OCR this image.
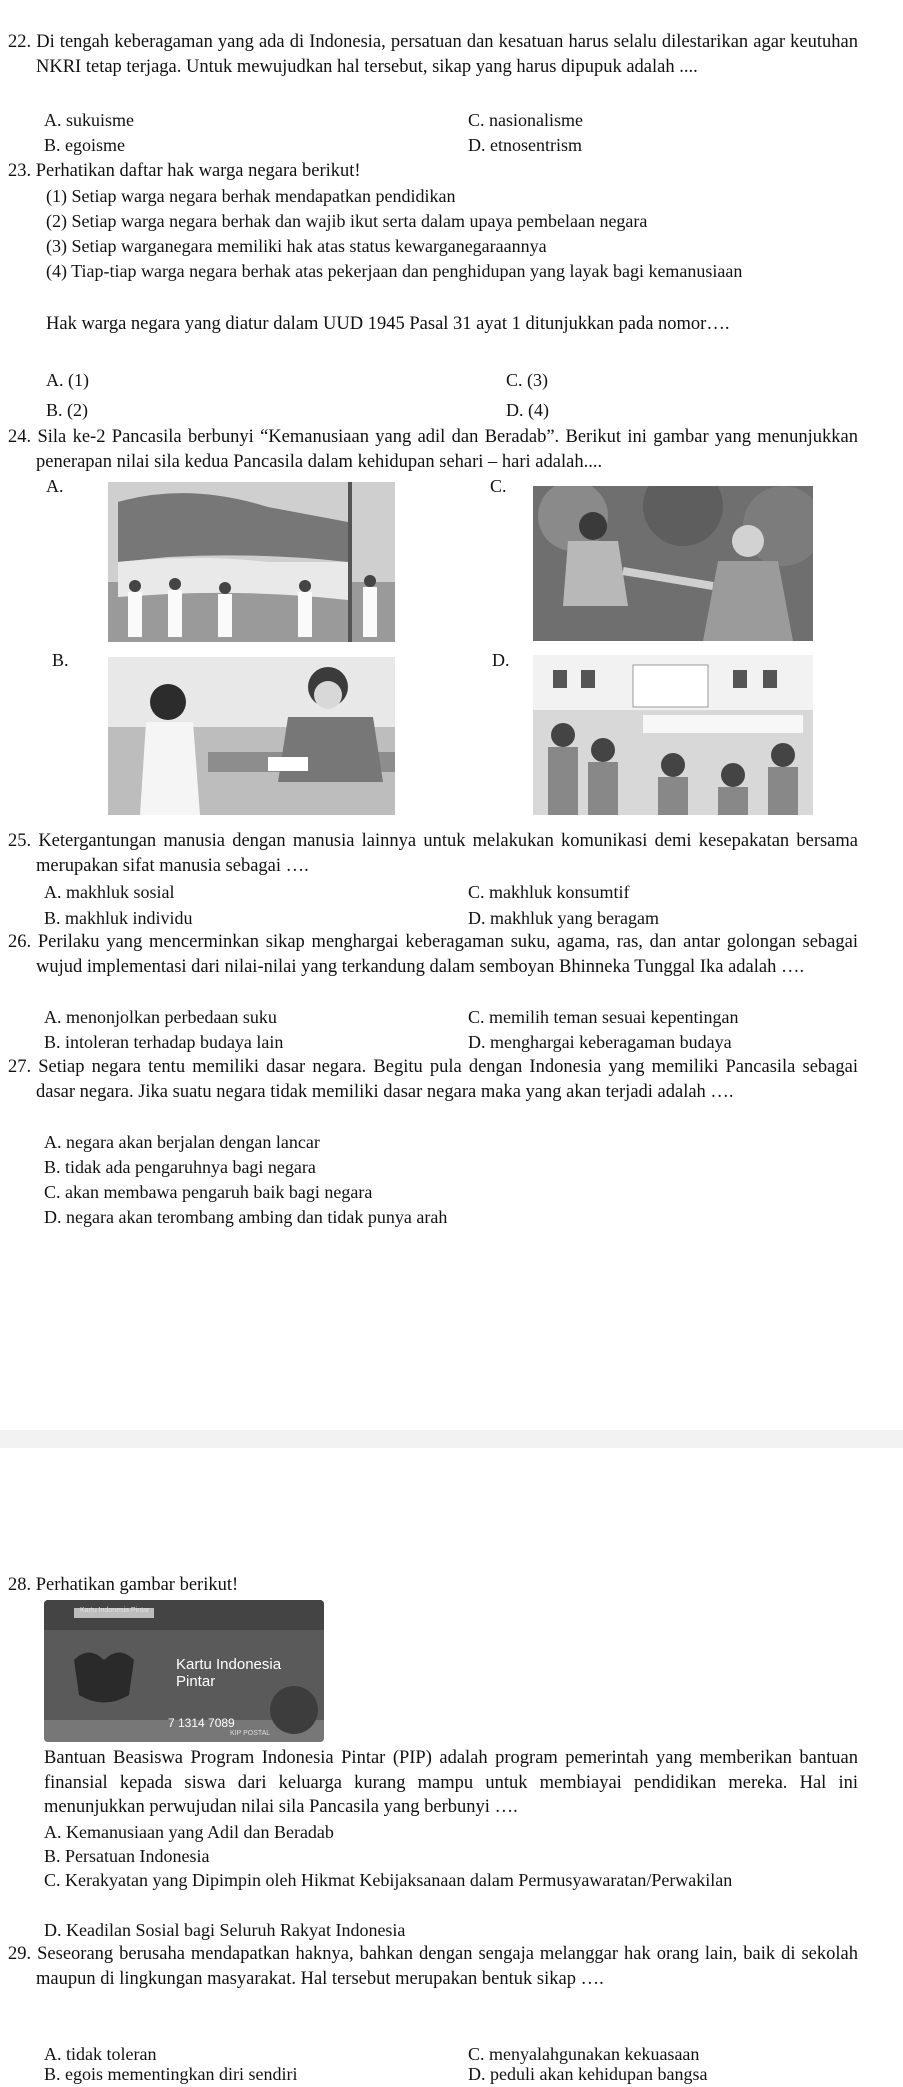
22. Di tengah keberagaman yang ada di Indonesia, persatuan dan kesatuan harus selalu dilestarikan agar keutuhan NKRI tetap terjaga. Untuk mewujudkan hal tersebut, sikap yang harus dipupuk adalah ....
A. sukuisme	C. nasionalisme
B. egoisme	D. etnosentrism
23. Perhatikan daftar hak warga negara berikut!
(1) Setiap warga negara berhak mendapatkan pendidikan
(2) Setiap warga negara berhak dan wajib ikut serta dalam upaya pembelaan negara
(3) Setiap warganegara memiliki hak atas status kewarganegaraannya
(4) Tiap-tiap warga negara berhak atas pekerjaan dan penghidupan yang layak bagi kemanusiaan
Hak warga negara yang diatur dalam UUD 1945 Pasal 31 ayat 1 ditunjukkan pada nomor….
A. (1)	C. (3)
B. (2)	D. (4)
24. Sila ke-2 Pancasila berbunyi “Kemanusiaan yang adil dan Beradab”. Berikut ini gambar yang menunjukkan penerapan nilai sila kedua Pancasila dalam kehidupan sehari – hari adalah....
A.	C.
B.	D.
25. Ketergantungan manusia dengan manusia lainnya untuk melakukan komunikasi demi kesepakatan bersama merupakan sifat manusia sebagai ….
A. makhluk sosial	C. makhluk konsumtif
B. makhluk individu	D. makhluk yang beragam
26. Perilaku yang mencerminkan sikap menghargai keberagaman suku, agama, ras, dan antar golongan sebagai wujud implementasi dari nilai-nilai yang terkandung dalam semboyan Bhinneka Tunggal Ika adalah ….
A. menonjolkan perbedaan suku	C. memilih teman sesuai kepentingan
B. intoleran terhadap budaya lain	D. menghargai keberagaman budaya
27. Setiap negara tentu memiliki dasar negara. Begitu pula dengan Indonesia yang memiliki Pancasila sebagai dasar negara. Jika suatu negara tidak memiliki dasar negara maka yang akan terjadi adalah ….
A. negara akan berjalan dengan lancar
B. tidak ada pengaruhnya bagi negara
C. akan membawa pengaruh baik bagi negara
D. negara akan terombang ambing dan tidak punya arah
28. Perhatikan gambar berikut!
Kartu Indonesia Pintar
Kartu Indonesia Pintar
7 1314 7089
KIP POSTAL
Bantuan Beasiswa Program Indonesia Pintar (PIP) adalah program pemerintah yang memberikan bantuan finansial kepada siswa dari keluarga kurang mampu untuk membiayai pendidikan mereka. Hal ini menunjukkan perwujudan nilai sila Pancasila yang berbunyi ….
A. Kemanusiaan yang Adil dan Beradab
B. Persatuan Indonesia
C. Kerakyatan yang Dipimpin oleh Hikmat Kebijaksanaan dalam Permusyawaratan/Perwakilan
D. Keadilan Sosial bagi Seluruh Rakyat Indonesia
29. Seseorang berusaha mendapatkan haknya, bahkan dengan sengaja melanggar hak orang lain, baik di sekolah maupun di lingkungan masyarakat. Hal tersebut merupakan bentuk sikap ….
A. tidak toleran	C. menyalahgunakan kekuasaan
B. egois mementingkan diri sendiri	D. peduli akan kehidupan bangsa
